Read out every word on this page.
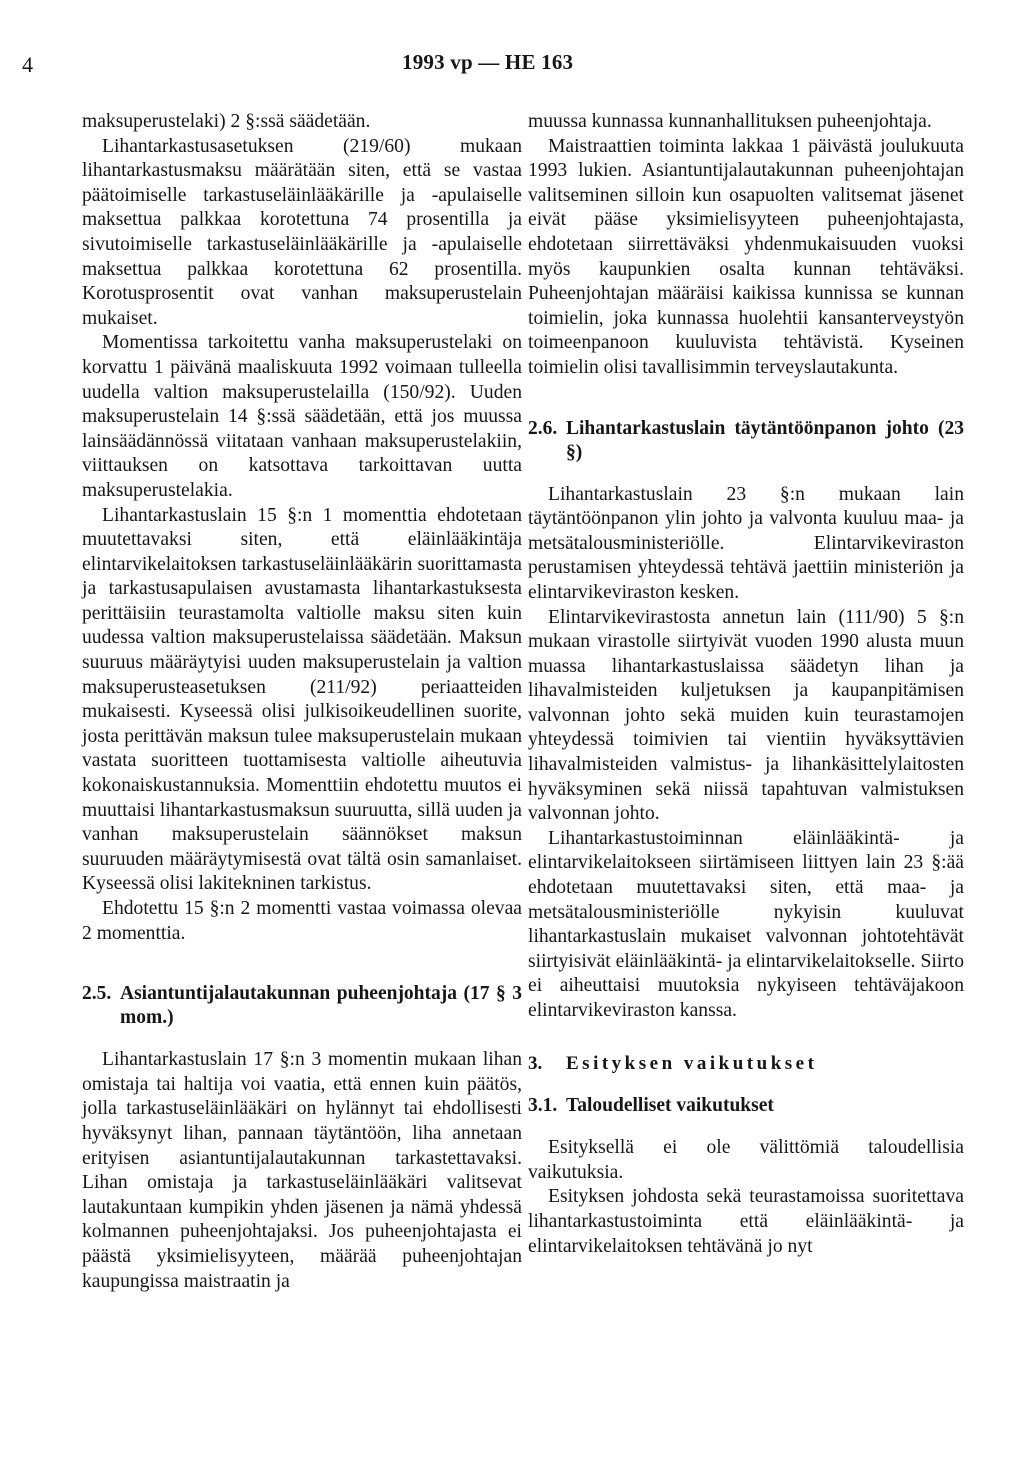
4	1993 vp — HE 163

maksuperustelaki) 2 §:ssä säädetään.

Lihantarkastusasetuksen (219/60) mukaan lihantarkastusmaksu määrätään siten, että se vastaa päätoimiselle tarkastuseläinlääkärille ja -apulaiselle maksettua palkkaa korotettuna 74 prosentilla ja sivutoimiselle tarkastuseläinlääkärille ja -apulaiselle maksettua palkkaa korotettuna 62 prosentilla. Korotusprosentit ovat vanhan maksuperustelain mukaiset.

Momentissa tarkoitettu vanha maksuperustelaki on korvattu 1 päivänä maaliskuuta 1992 voimaan tulleella uudella valtion maksuperustelailla (150/92). Uuden maksuperustelain 14 §:ssä säädetään, että jos muussa lainsäädännössä viitataan vanhaan maksuperustelakiin, viittauksen on katsottava tarkoittavan uutta maksuperustelakia.

Lihantarkastuslain 15 §:n 1 momenttia ehdotetaan muutettavaksi siten, että eläinlääkintäja elintarvikelaitoksen tarkastuseläinlääkärin suorittamasta ja tarkastusapulaisen avustamasta lihantarkastuksesta perittäisiin teurastamolta valtiolle maksu siten kuin uudessa valtion maksuperustelaissa säädetään. Maksun suuruus määräytyisi uuden maksuperustelain ja valtion maksuperusteasetuksen (211/92) periaatteiden mukaisesti. Kyseessä olisi julkisoikeudellinen suorite, josta perittävän maksun tulee maksuperustelain mukaan vastata suoritteen tuottamisesta valtiolle aiheutuvia kokonaiskustannuksia. Momenttiin ehdotettu muutos ei muuttaisi lihantarkastusmaksun suuruutta, sillä uuden ja vanhan maksuperustelain säännökset maksun suuruuden määräytymisestä ovat tältä osin samanlaiset. Kyseessä olisi lakitekninen tarkistus.

Ehdotettu 15 §:n 2 momentti vastaa voimassa olevaa 2 momenttia.

2.5. Asiantuntijalautakunnan puheenjohtaja (17 § 3 mom.)

Lihantarkastuslain 17 §:n 3 momentin mukaan lihan omistaja tai haltija voi vaatia, että ennen kuin päätös, jolla tarkastuseläinlääkäri on hylännyt tai ehdollisesti hyväksynyt lihan, pannaan täytäntöön, liha annetaan erityisen asiantuntijalautakunnan tarkastettavaksi. Lihan omistaja ja tarkastuseläinlääkäri valitsevat lautakuntaan kumpikin yhden jäsenen ja nämä yhdessä kolmannen puheenjohtajaksi. Jos puheenjohtajasta ei päästä yksimielisyyteen, määrää puheenjohtajan kaupungissa maistraatin ja

muussa kunnassa kunnanhallituksen puheenjohtaja.

Maistraattien toiminta lakkaa 1 päivästä joulukuuta 1993 lukien. Asiantuntijalautakunnan puheenjohtajan valitseminen silloin kun osapuolten valitsemat jäsenet eivät pääse yksimielisyyteen puheenjohtajasta, ehdotetaan siirrettäväksi yhdenmukaisuuden vuoksi myös kaupunkien osalta kunnan tehtäväksi. Puheenjohtajan määräisi kaikissa kunnissa se kunnan toimielin, joka kunnassa huolehtii kansanterveystyön toimeenpanoon kuuluvista tehtävistä. Kyseinen toimielin olisi tavallisimmin terveyslautakunta.

2.6. Lihantarkastuslain täytäntöönpanon johto (23 §)

Lihantarkastuslain 23 §:n mukaan lain täytäntöönpanon ylin johto ja valvonta kuuluu maa- ja metsätalousministeriölle. Elintarvikeviraston perustamisen yhteydessä tehtävä jaettiin ministeriön ja elintarvikeviraston kesken.

Elintarvikevirastosta annetun lain (111/90) 5 §:n mukaan virastolle siirtyivät vuoden 1990 alusta muun muassa lihantarkastuslaissa säädetyn lihan ja lihavalmisteiden kuljetuksen ja kaupanpitämisen valvonnan johto sekä muiden kuin teurastamojen yhteydessä toimivien tai vientiin hyväksyttävien lihavalmisteiden valmistus- ja lihankäsittelylaitosten hyväksyminen sekä niissä tapahtuvan valmistuksen valvonnan johto.

Lihantarkastustoiminnan eläinlääkintä- ja elintarvikelaitokseen siirtämiseen liittyen lain 23 §:ää ehdotetaan muutettavaksi siten, että maa- ja metsätalousministeriölle nykyisin kuuluvat lihantarkastuslain mukaiset valvonnan johtotehtävät siirtyisivät eläinlääkintä- ja elintarvikelaitokselle. Siirto ei aiheuttaisi muutoksia nykyiseen tehtäväjakoon elintarvikeviraston kanssa.

3.	Esityksen vaikutukset
3.1. Taloudelliset vaikutukset

Esityksellä ei ole välittömiä taloudellisia vaikutuksia.

Esityksen johdosta sekä teurastamoissa suoritettava lihantarkastustoiminta että eläinlääkintä- ja elintarvikelaitoksen tehtävänä jo nyt
